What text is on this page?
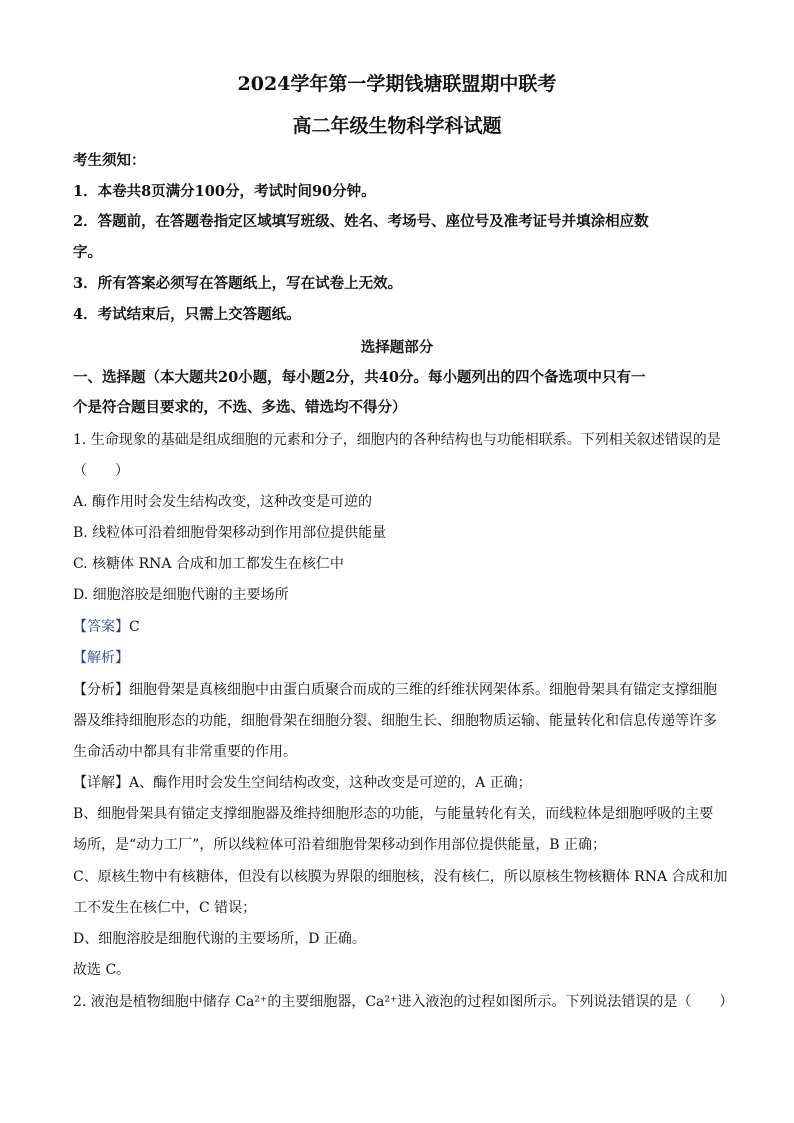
2024学年第一学期钱塘联盟期中联考
高二年级生物科学科试题
考生须知：
1．本卷共8页满分100分，考试时间90分钟。
2．答题前，在答题卷指定区域填写班级、姓名、考场号、座位号及准考证号并填涂相应数
字。
3．所有答案必须写在答题纸上，写在试卷上无效。
4．考试结束后，只需上交答题纸。
选择题部分
一、选择题（本大题共20小题，每小题2分，共40分。每小题列出的四个备选项中只有一
个是符合题目要求的，不选、多选、错选均不得分）
1. 生命现象的基础是组成细胞的元素和分子，细胞内的各种结构也与功能相联系。下列相关叙述错误的是
（　　）
A. 酶作用时会发生结构改变，这种改变是可逆的
B. 线粒体可沿着细胞骨架移动到作用部位提供能量
C. 核糖体 RNA 合成和加工都发生在核仁中
D. 细胞溶胶是细胞代谢的主要场所
【答案】C
【解析】
【分析】细胞骨架是真核细胞中由蛋白质聚合而成的三维的纤维状网架体系。细胞骨架具有锚定支撑细胞
器及维持细胞形态的功能，细胞骨架在细胞分裂、细胞生长、细胞物质运输、能量转化和信息传递等许多
生命活动中都具有非常重要的作用。
【详解】A、酶作用时会发生空间结构改变，这种改变是可逆的，A 正确；
B、细胞骨架具有锚定支撑细胞器及维持细胞形态的功能，与能量转化有关，而线粒体是细胞呼吸的主要
场所，是“动力工厂”，所以线粒体可沿着细胞骨架移动到作用部位提供能量，B 正确；
C、原核生物中有核糖体，但没有以核膜为界限的细胞核，没有核仁，所以原核生物核糖体 RNA 合成和加
工不发生在核仁中，C 错误；
D、细胞溶胶是细胞代谢的主要场所，D 正确。
故选 C。
2. 液泡是植物细胞中储存 Ca²⁺的主要细胞器，Ca²⁺进入液泡的过程如图所示。下列说法错误的是（　　）
